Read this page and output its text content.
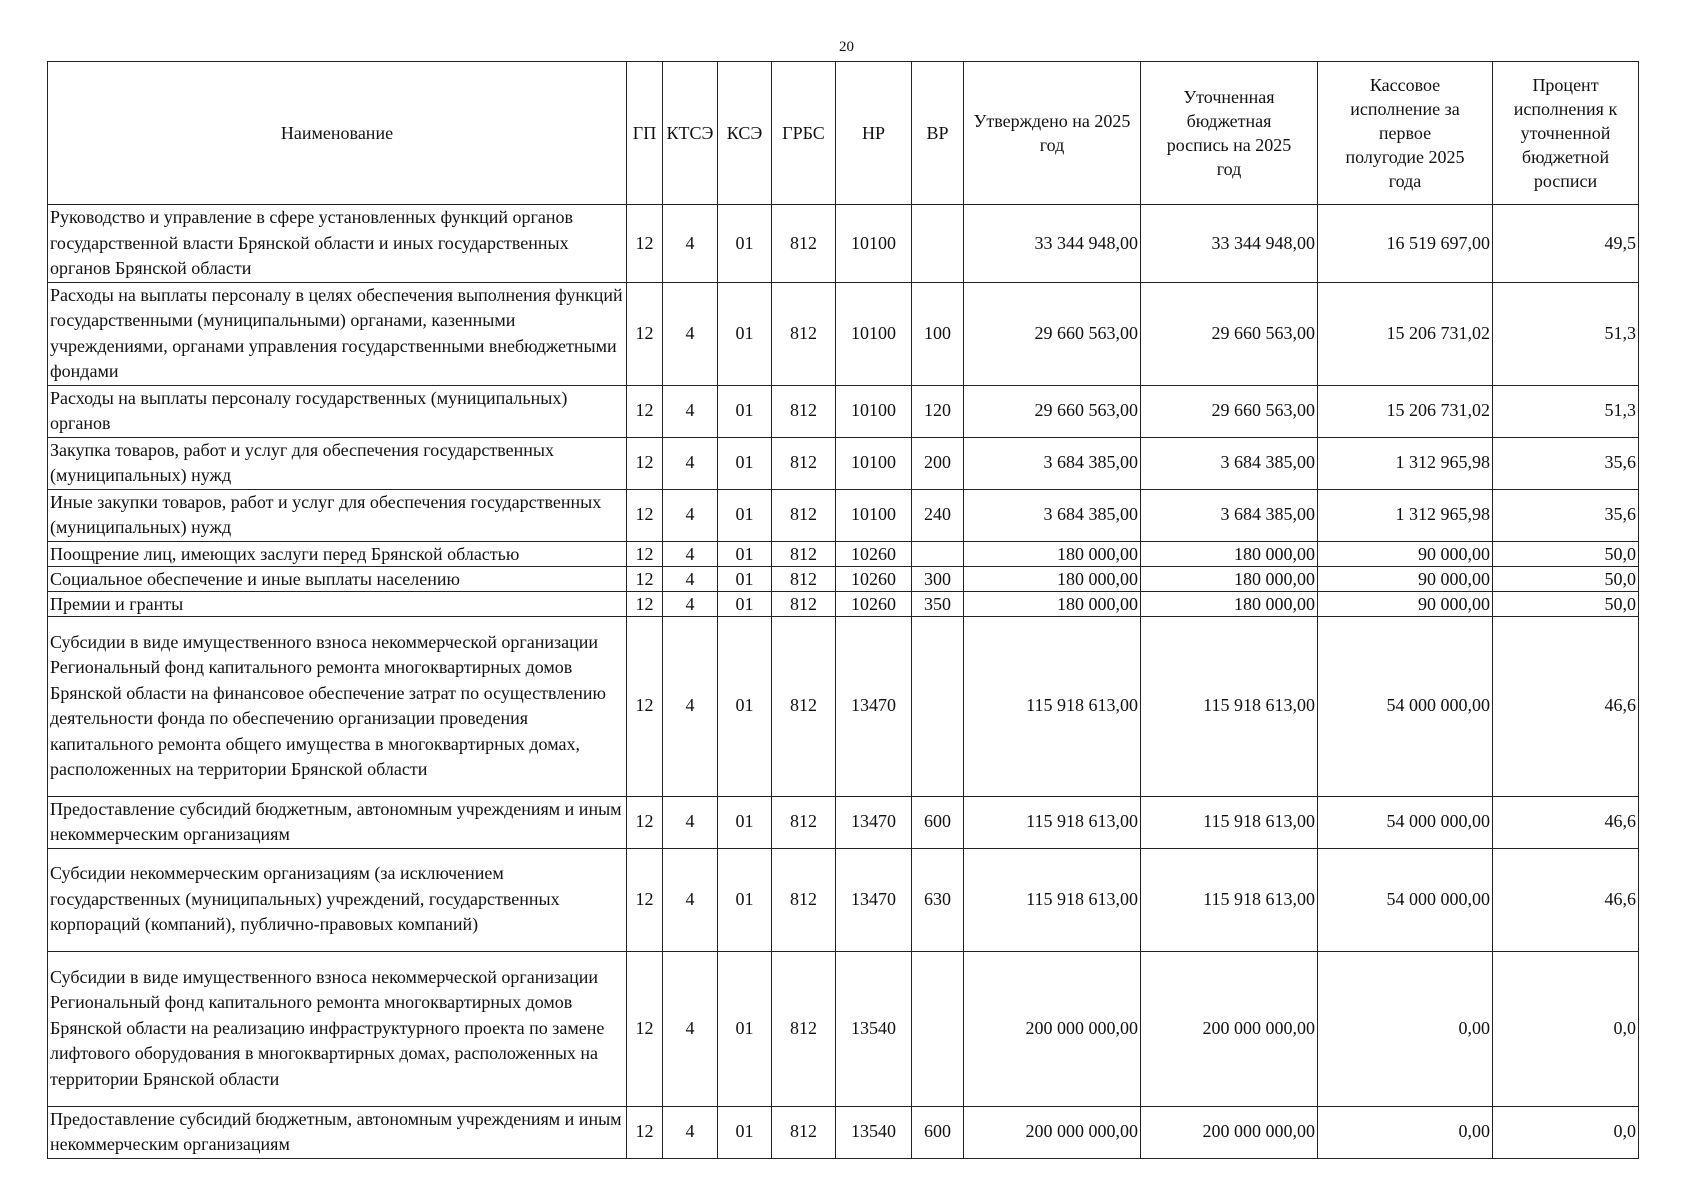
20
Наименование	ГП	КТСЭ	КСЭ	ГРБС	НР	ВР	Утверждено на 2025 год	Уточненная бюджетная роспись на 2025 год	Кассовое исполнение за первое полугодие 2025 года	Процент исполнения к уточненной бюджетной росписи
Руководство и управление в сфере установленных функций органов государственной власти Брянской области и иных государственных органов Брянской области	12	4	01	812	10100		33 344 948,00	33 344 948,00	16 519 697,00	49,5
Расходы на выплаты персоналу в целях обеспечения выполнения функций государственными (муниципальными) органами, казенными учреждениями, органами управления государственными внебюджетными фондами	12	4	01	812	10100	100	29 660 563,00	29 660 563,00	15 206 731,02	51,3
Расходы на выплаты персоналу государственных (муниципальных) органов	12	4	01	812	10100	120	29 660 563,00	29 660 563,00	15 206 731,02	51,3
Закупка товаров, работ и услуг для обеспечения государственных (муниципальных) нужд	12	4	01	812	10100	200	3 684 385,00	3 684 385,00	1 312 965,98	35,6
Иные закупки товаров, работ и услуг для обеспечения государственных (муниципальных) нужд	12	4	01	812	10100	240	3 684 385,00	3 684 385,00	1 312 965,98	35,6
Поощрение лиц, имеющих заслуги перед Брянской областью	12	4	01	812	10260		180 000,00	180 000,00	90 000,00	50,0
Социальное обеспечение и иные выплаты населению	12	4	01	812	10260	300	180 000,00	180 000,00	90 000,00	50,0
Премии и гранты	12	4	01	812	10260	350	180 000,00	180 000,00	90 000,00	50,0
Субсидии в виде имущественного взноса некоммерческой организации Региональный фонд капитального ремонта многоквартирных домов Брянской области на финансовое обеспечение затрат по осуществлению деятельности фонда по обеспечению организации проведения капитального ремонта общего имущества в многоквартирных домах, расположенных на территории Брянской области	12	4	01	812	13470		115 918 613,00	115 918 613,00	54 000 000,00	46,6
Предоставление субсидий бюджетным, автономным учреждениям и иным некоммерческим организациям	12	4	01	812	13470	600	115 918 613,00	115 918 613,00	54 000 000,00	46,6
Субсидии некоммерческим организациям (за исключением государственных (муниципальных) учреждений, государственных корпораций (компаний), публично-правовых компаний)	12	4	01	812	13470	630	115 918 613,00	115 918 613,00	54 000 000,00	46,6
Субсидии в виде имущественного взноса некоммерческой организации Региональный фонд капитального ремонта многоквартирных домов Брянской области на реализацию инфраструктурного проекта по замене лифтового оборудования в многоквартирных домах, расположенных на территории Брянской области	12	4	01	812	13540		200 000 000,00	200 000 000,00	0,00	0,0
Предоставление субсидий бюджетным, автономным учреждениям и иным некоммерческим организациям	12	4	01	812	13540	600	200 000 000,00	200 000 000,00	0,00	0,0
